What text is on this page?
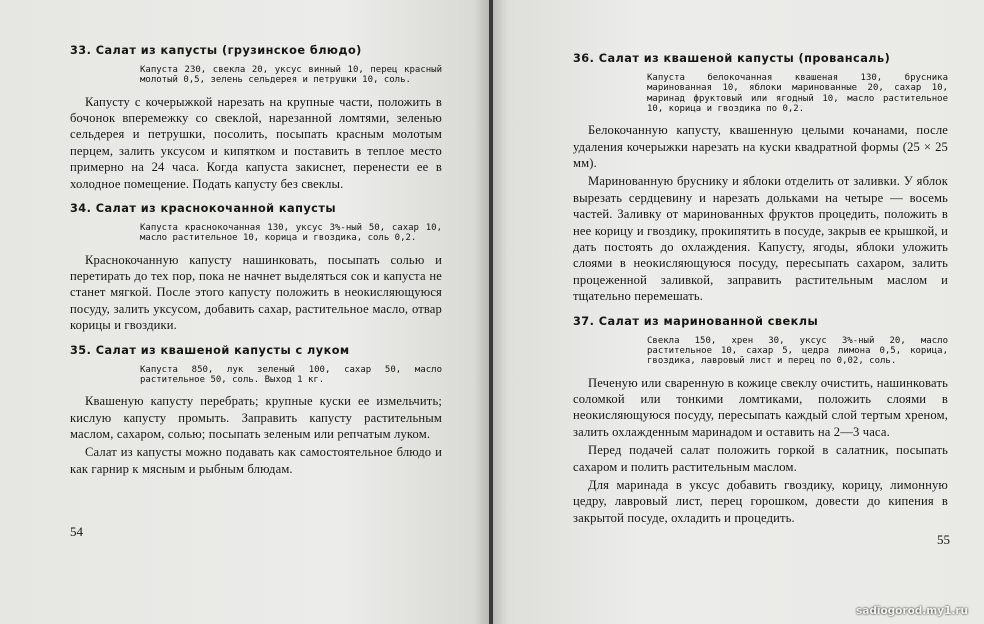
33. Салат из капусты (грузинское блюдо)
Капуста 230, свекла 20, уксус винный 10, перец красный молотый 0,5, зелень сельдерея и петрушки 10, соль.

Капусту с кочерыжкой нарезать на крупные части, положить в бочонок вперемежку со свеклой, нарезанной ломтями, зеленью сельдерея и петрушки, посолить, посыпать красным молотым перцем, залить уксусом и кипятком и поставить в теплое место примерно на 24 часа. Когда капуста закиснет, перенести ее в холодное помещение. Подать капусту без свеклы.

34. Салат из краснокочанной капусты
Капуста краснокочанная 130, уксус 3%-ный 50, сахар 10, масло растительное 10, корица и гвоздика, соль 0,2.

Краснокочанную капусту нашинковать, посыпать солью и перетирать до тех пор, пока не начнет выделяться сок и капуста не станет мягкой. После этого капусту положить в неокисляющуюся посуду, залить уксусом, добавить сахар, растительное масло, отвар корицы и гвоздики.

35. Салат из квашеной капусты с луком
Капуста 850, лук зеленый 100, сахар 50, масло растительное 50, соль. Выход 1 кг.

Квашеную капусту перебрать; крупные куски ее измельчить; кислую капусту промыть. Заправить капусту растительным маслом, сахаром, солью; посыпать зеленым или репчатым луком.

Салат из капусты можно подавать как самостоятельное блюдо и как гарнир к мясным и рыбным блюдам.

54
36. Салат из квашеной капусты (провансаль)
Капуста белокочанная квашеная 130, брусника маринованная 10, яблоки маринованные 20, сахар 10, маринад фруктовый или ягодный 10, масло растительное 10, корица и гвоздика по 0,2.

Белокочанную капусту, квашенную целыми кочанами, после удаления кочерыжки нарезать на куски квадратной формы (25 × 25 мм).

Маринованную бруснику и яблоки отделить от заливки. У яблок вырезать сердцевину и нарезать дольками на четыре — восемь частей. Заливку от маринованных фруктов процедить, положить в нее корицу и гвоздику, прокипятить в посуде, закрыв ее крышкой, и дать постоять до охлаждения. Капусту, ягоды, яблоки уложить слоями в неокисляющуюся посуду, пересыпать сахаром, залить процеженной заливкой, заправить растительным маслом и тщательно перемешать.

37. Салат из маринованной свеклы
Свекла 150, хрен 30, уксус 3%-ный 20, масло растительное 10, сахар 5, цедра лимона 0,5, корица, гвоздика, лавровый лист и перец по 0,02, соль.

Печеную или сваренную в кожице свеклу очистить, нашинковать соломкой или тонкими ломтиками, положить слоями в неокисляющуюся посуду, пересыпать каждый слой тертым хреном, залить охлажденным маринадом и оставить на 2—3 часа.

Перед подачей салат положить горкой в салатник, посыпать сахаром и полить растительным маслом.

Для маринада в уксус добавить гвоздику, корицу, лимонную цедру, лавровый лист, перец горошком, довести до кипения в закрытой посуде, охладить и процедить.

55
sadiogorod.my1.ru
